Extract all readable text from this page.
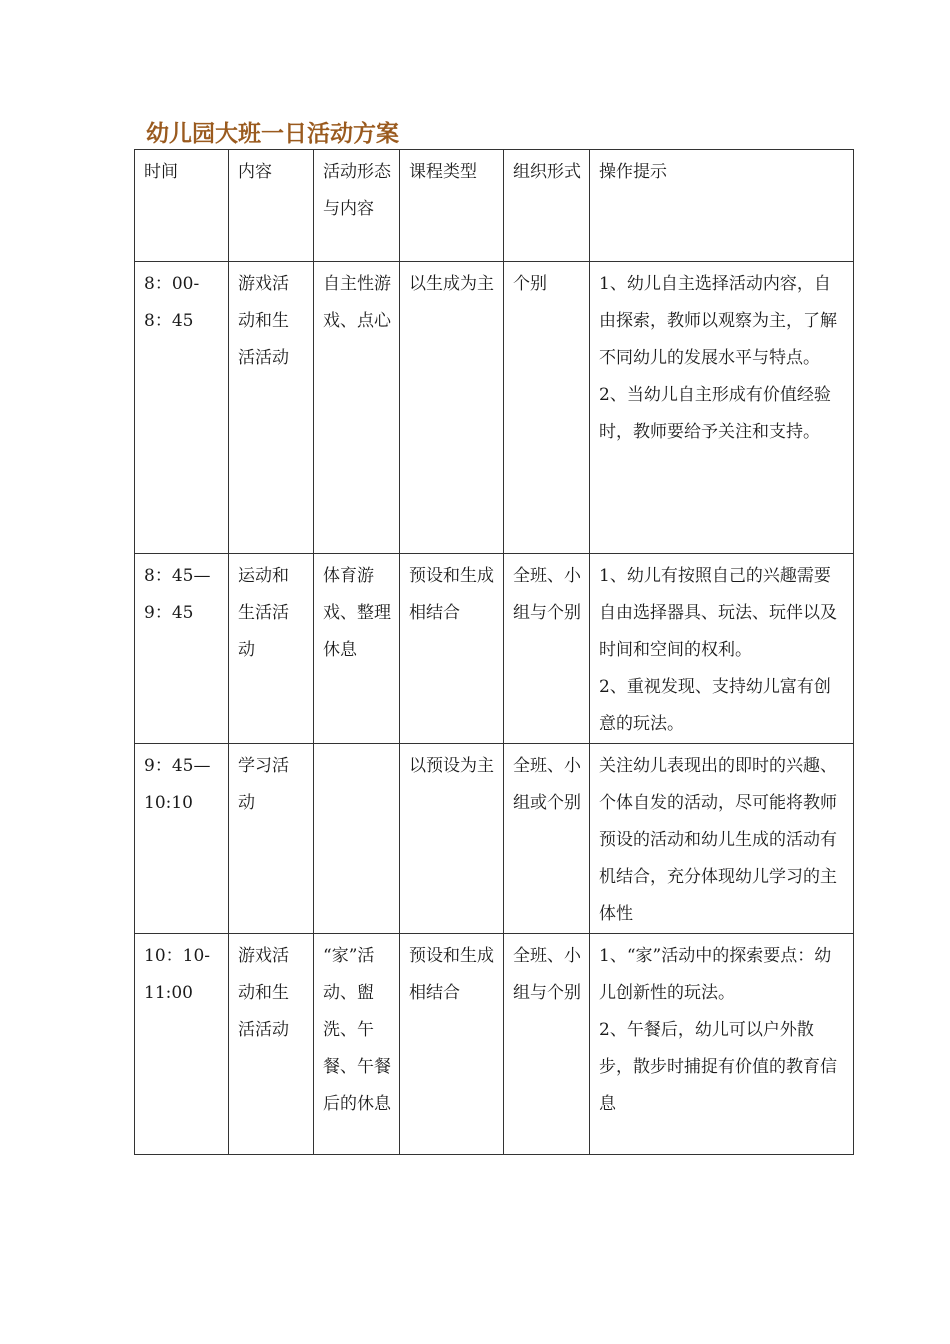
幼儿园大班一日活动方案
时间	内容	活动形态与内容	课程类型	组织形式	操作提示

8：00-8：45	游戏活动和生活活动	自主性游戏、点心	以生成为主	个别	1、幼儿自主选择活动内容，自由探索，教师以观察为主，了解不同幼儿的发展水平与特点。
2、当幼儿自主形成有价值经验时，教师要给予关注和支持。

8：45—9：45	运动和生活活动	体育游戏、整理休息	预设和生成相结合	全班、小组与个别	1、幼儿有按照自己的兴趣需要自由选择器具、玩法、玩伴以及时间和空间的权利。
2、重视发现、支持幼儿富有创意的玩法。

9：45—10:10	学习活动		以预设为主	全班、小组或个别	关注幼儿表现出的即时的兴趣、个体自发的活动，尽可能将教师预设的活动和幼儿生成的活动有机结合，充分体现幼儿学习的主体性

10：10-11:00	游戏活动和生活活动	“家”活动、盥洗、午餐、午餐后的休息	预设和生成相结合	全班、小组与个别	1、“家”活动中的探索要点：幼儿创新性的玩法。
2、午餐后，幼儿可以户外散步，散步时捕捉有价值的教育信息
